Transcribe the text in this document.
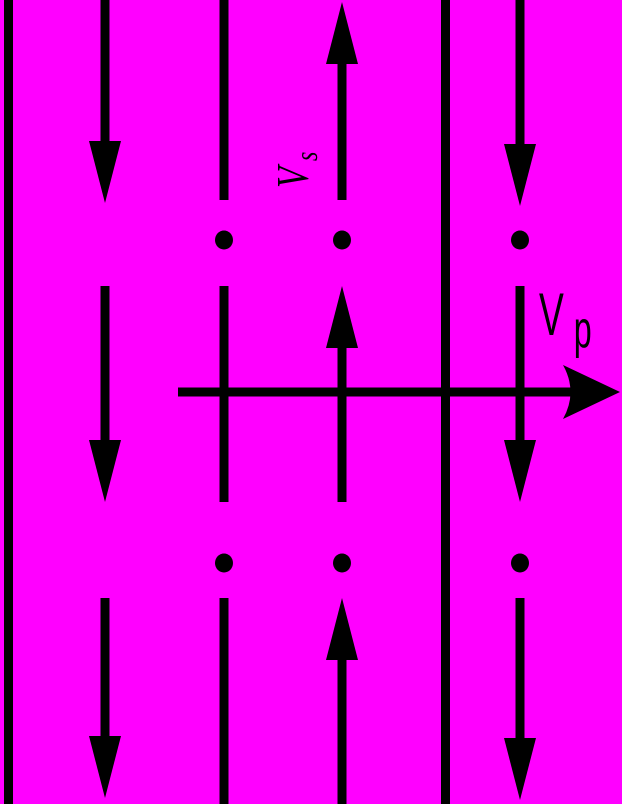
Vs
V p
